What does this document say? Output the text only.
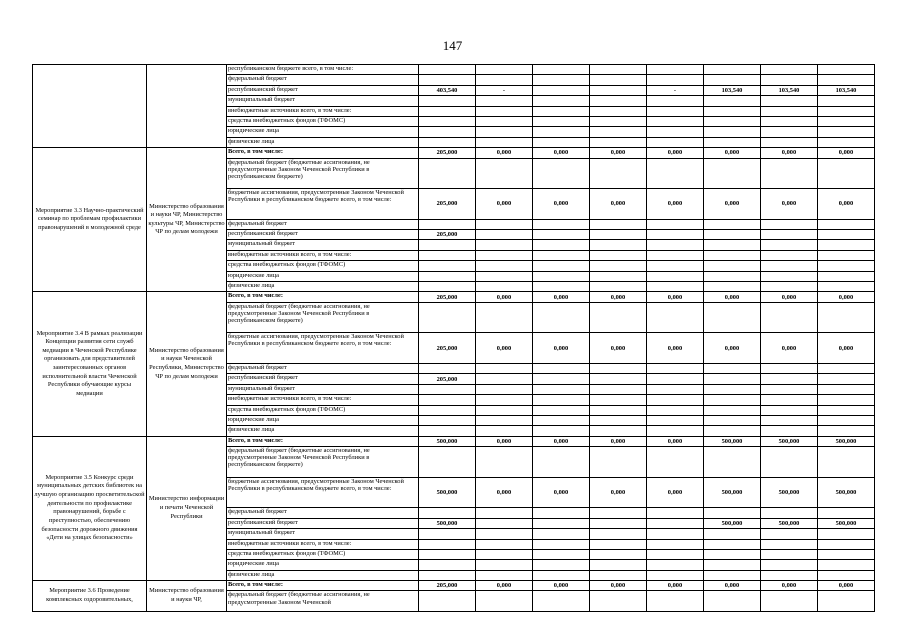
147
		республиканском бюджете всего, в том числе:								
		федеральный бюджет								
		республиканский бюджет	403,540	-			-	103,540	103,540	103,540
		муниципальный бюджет								
		внебюджетные источники всего, в том числе:								
		средства внебюджетных фондов (ТФОМС)								
		юридические лица								
		физические лица								
Мероприятие 3.3 Научно-практический семинар по проблемам профилактики правонарушений в молодежной среде	Министерство образования и науки ЧР, Министерство культуры ЧР, Министерство ЧР по делам молодежи	Всего, в том числе:	205,000	0,000	0,000	0,000	0,000	0,000	0,000	0,000
		федеральный бюджет (бюджетные ассигнования, не предусмотренные Законом Чеченской Республики в республиканском бюджете)								
		бюджетные ассигнования, предусмотренные Законом Чеченской Республики в республиканском бюджете всего, в том числе:	205,000	0,000	0,000	0,000	0,000	0,000	0,000	0,000
		федеральный бюджет								
		республиканский бюджет	205,000							
		муниципальный бюджет								
		внебюджетные источники всего, в том числе:								
		средства внебюджетных фондов (ТФОМС)								
		юридические лица								
		физические лица								
Мероприятие 3.4 В рамках реализации Концепции развития сети служб медиации в Чеченской Республике организовать для представителей заинтересованных органов исполнительной власти Чеченской Республики обучающие курсы медиации	Министерство образования и науки Чеченской Республики, Министерство ЧР по делам молодежи	Всего, в том числе:	205,000	0,000	0,000	0,000	0,000	0,000	0,000	0,000
		федеральный бюджет (бюджетные ассигнования, не предусмотренные Законом Чеченской Республики в республиканском бюджете)								
		бюджетные ассигнования, предусмотренные Законом Чеченской Республики в республиканском бюджете всего, в том числе:	205,000	0,000	0,000	0,000	0,000	0,000	0,000	0,000
		федеральный бюджет								
		республиканский бюджет	205,000							
		муниципальный бюджет								
		внебюджетные источники всего, в том числе:								
		средства внебюджетных фондов (ТФОМС)								
		юридические лица								
		физические лица								
Мероприятие 3.5 Конкурс среди муниципальных детских библиотек на лучшую организацию просветительской деятельности по профилактике правонарушений, борьбе с преступностью, обеспечению безопасности дорожного движения «Дети на улицах безопасности»	Министерство информации и печати Чеченской Республики	Всего, в том числе:	500,000	0,000	0,000	0,000	0,000	500,000	500,000	500,000
		федеральный бюджет (бюджетные ассигнования, не предусмотренные Законом Чеченской Республики в республиканском бюджете)								
		бюджетные ассигнования, предусмотренные Законом Чеченской Республики в республиканском бюджете всего, в том числе:	500,000	0,000	0,000	0,000	0,000	500,000	500,000	500,000
		федеральный бюджет								
		республиканский бюджет	500,000					500,000	500,000	500,000
		муниципальный бюджет								
		внебюджетные источники всего, в том числе:								
		средства внебюджетных фондов (ТФОМС)								
		юридические лица								
		физические лица								
Мероприятие 3.6 Проведение комплексных оздоровительных,	Министерство образования и науки ЧР,	Всего, в том числе:	205,000	0,000	0,000	0,000	0,000	0,000	0,000	0,000
		федеральный бюджет (бюджетные ассигнования, не предусмотренные Законом Чеченской								
